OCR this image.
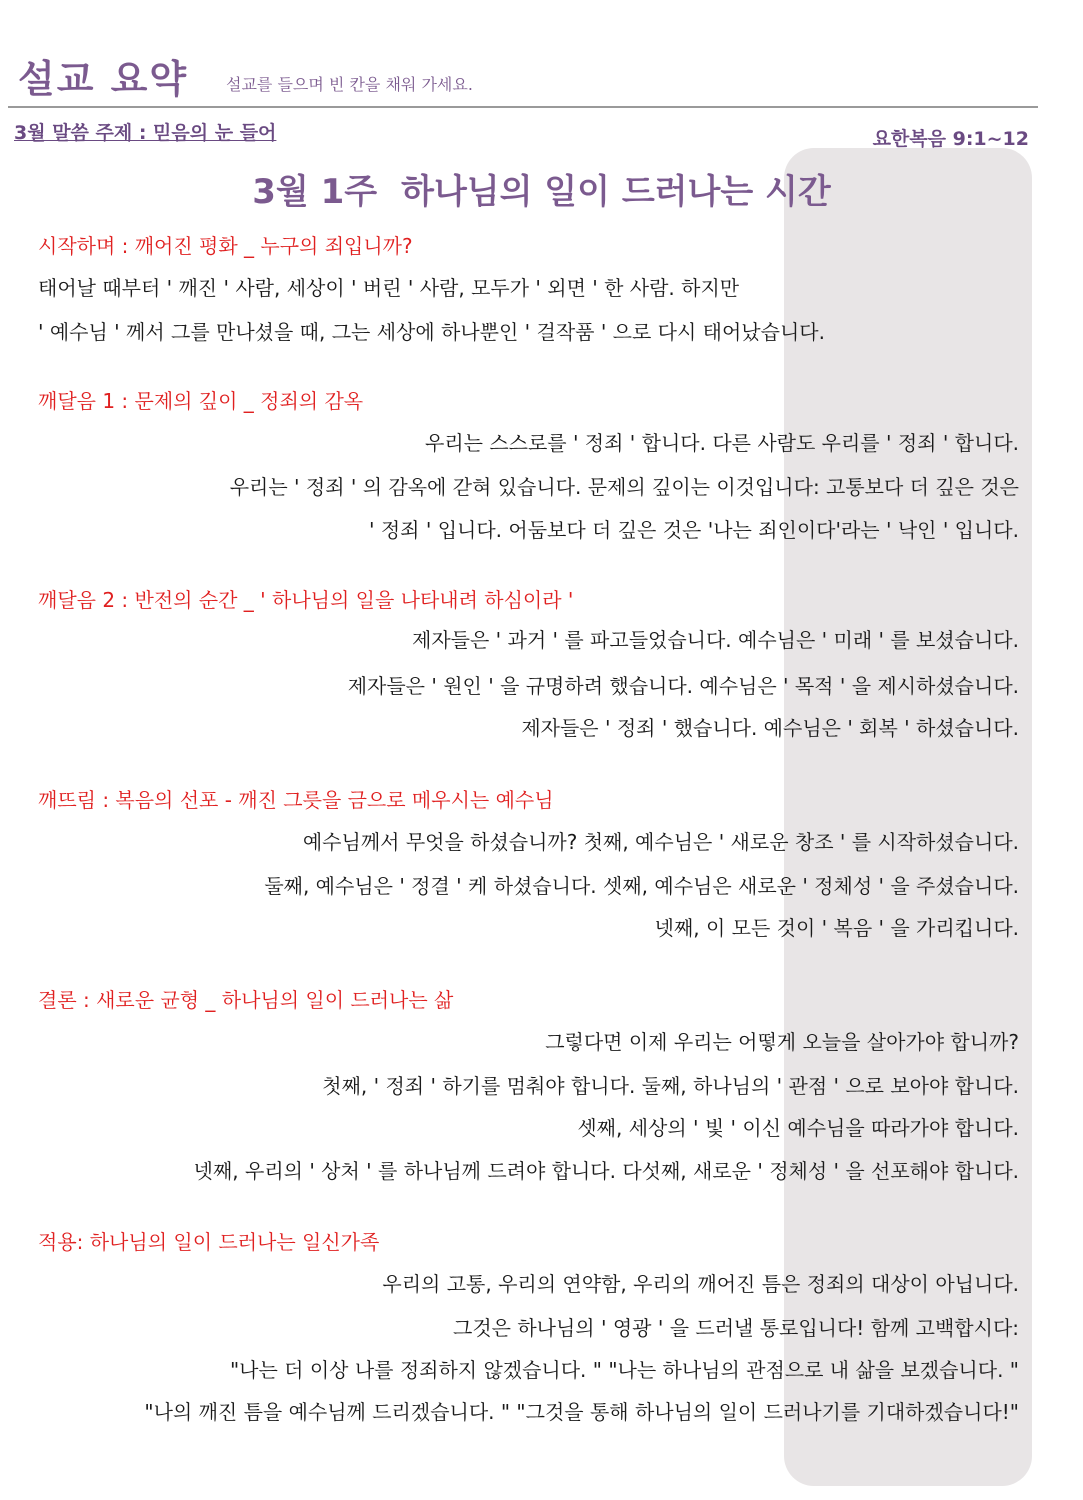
설교 요약 설교를 들으며 빈 칸을 채워 가세요.
3월 말씀 주제 : 믿음의 눈 들어	요한복음 9:1~12
3월 1주 하나님의 일이 드러나는 시간
시작하며 : 깨어진 평화 _ 누구의 죄입니까?
태어날 때부터 ' 깨진 ' 사람, 세상이 ' 버린 ' 사람, 모두가 ' 외면 ' 한 사람. 하지만
' 예수님 ' 께서 그를 만나셨을 때, 그는 세상에 하나뿐인 ' 걸작품 ' 으로 다시 태어났습니다.
깨달음 1 : 문제의 깊이 _ 정죄의 감옥
우리는 스스로를 ' 정죄 ' 합니다. 다른 사람도 우리를 ' 정죄 ' 합니다.
우리는 ' 정죄 ' 의 감옥에 갇혀 있습니다. 문제의 깊이는 이것입니다: 고통보다 더 깊은 것은
' 정죄 ' 입니다. 어둠보다 더 깊은 것은 '나는 죄인이다'라는 ' 낙인 ' 입니다.
깨달음 2 : 반전의 순간 _ ' 하나님의 일을 나타내려 하심이라 '
제자들은 ' 과거 ' 를 파고들었습니다. 예수님은 ' 미래 ' 를 보셨습니다.
제자들은 ' 원인 ' 을 규명하려 했습니다. 예수님은 ' 목적 ' 을 제시하셨습니다.
제자들은 ' 정죄 ' 했습니다. 예수님은 ' 회복 ' 하셨습니다.
깨뜨림 : 복음의 선포 - 깨진 그릇을 금으로 메우시는 예수님
예수님께서 무엇을 하셨습니까? 첫째, 예수님은 ' 새로운 창조 ' 를 시작하셨습니다.
둘째, 예수님은 ' 정결 ' 케 하셨습니다. 셋째, 예수님은 새로운 ' 정체성 ' 을 주셨습니다.
넷째, 이 모든 것이 ' 복음 ' 을 가리킵니다.
결론 : 새로운 균형 _ 하나님의 일이 드러나는 삶
그렇다면 이제 우리는 어떻게 오늘을 살아가야 합니까?
첫째, ' 정죄 ' 하기를 멈춰야 합니다. 둘째, 하나님의 ' 관점 ' 으로 보아야 합니다.
셋째, 세상의 ' 빛 ' 이신 예수님을 따라가야 합니다.
넷째, 우리의 ' 상처 ' 를 하나님께 드려야 합니다. 다섯째, 새로운 ' 정체성 ' 을 선포해야 합니다.
적용: 하나님의 일이 드러나는 일신가족
우리의 고통, 우리의 연약함, 우리의 깨어진 틈은 정죄의 대상이 아닙니다.
그것은 하나님의 ' 영광 ' 을 드러낼 통로입니다! 함께 고백합시다:
"나는 더 이상 나를 정죄하지 않겠습니다. " "나는 하나님의 관점으로 내 삶을 보겠습니다. "
"나의 깨진 틈을 예수님께 드리겠습니다. " "그것을 통해 하나님의 일이 드러나기를 기대하겠습니다!"
